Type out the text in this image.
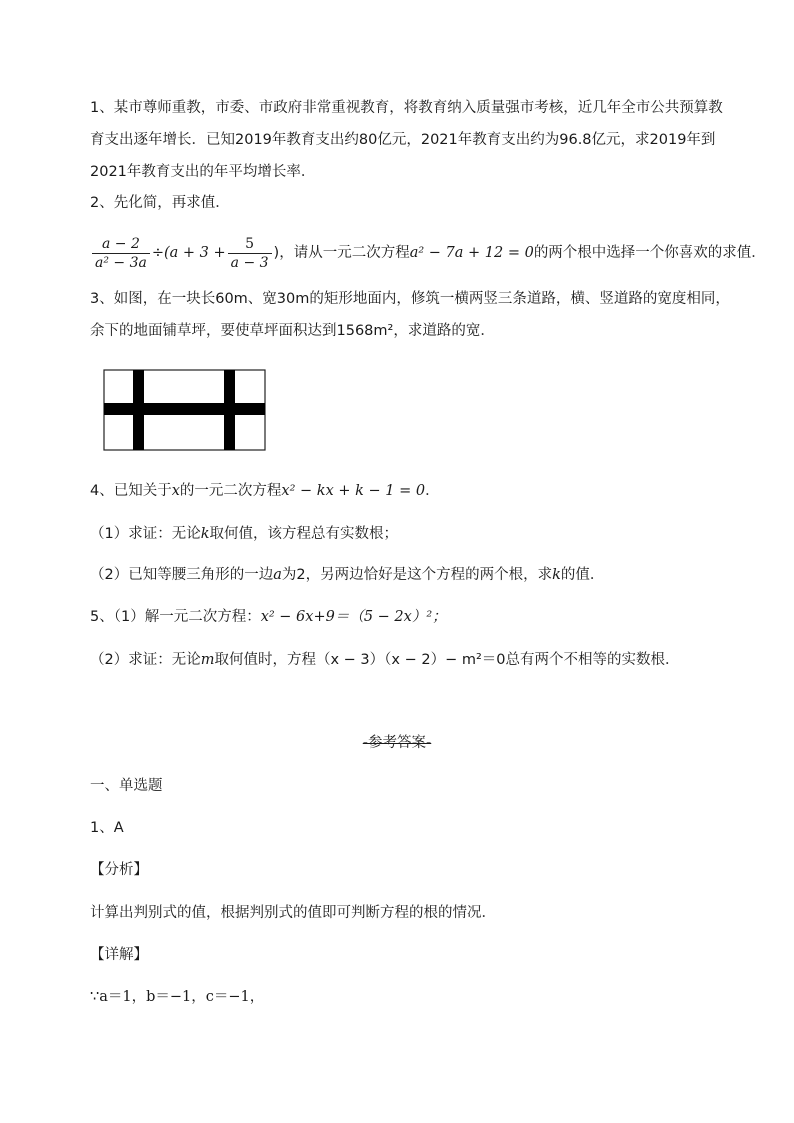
1、某市尊师重教，市委、市政府非常重视教育，将教育纳入质量强市考核，近几年全市公共预算教
育支出逐年增长．已知2019年教育支出约80亿元，2021年教育支出约为96.8亿元，求2019年到
2021年教育支出的年平均增长率．
2、先化简，再求值．
$\frac{a - 2}{\text{a² − 3a}} \div(a + 3 + \frac{5}{a - 3}$ )，请从一元二次方程a² − 7a + 12 = 0的两个根中选择一个你喜欢的求值．
3、如图，在一块长60m、宽30m的矩形地面内，修筑一横两竖三条道路，横、竖道路的宽度相同，
余下的地面铺草坪，要使草坪面积达到1568m²，求道路的宽．
4、已知关于x的一元二次方程x² − kx + k − 1 = 0．
（1）求证：无论k取何值，该方程总有实数根；
（2）已知等腰三角形的一边a为2，另两边恰好是这个方程的两个根，求k的值．
5、（1）解一元二次方程：x² − 6x+9＝（5 − 2x）²；
（2）求证：无论m取何值时，方程（x − 3）（x − 2）− m²＝0总有两个不相等的实数根．
-参考答案-
一、单选题
1、A
【分析】
计算出判别式的值，根据判别式的值即可判断方程的根的情况．
【详解】
∵a＝1，b＝−1，c＝−1，
